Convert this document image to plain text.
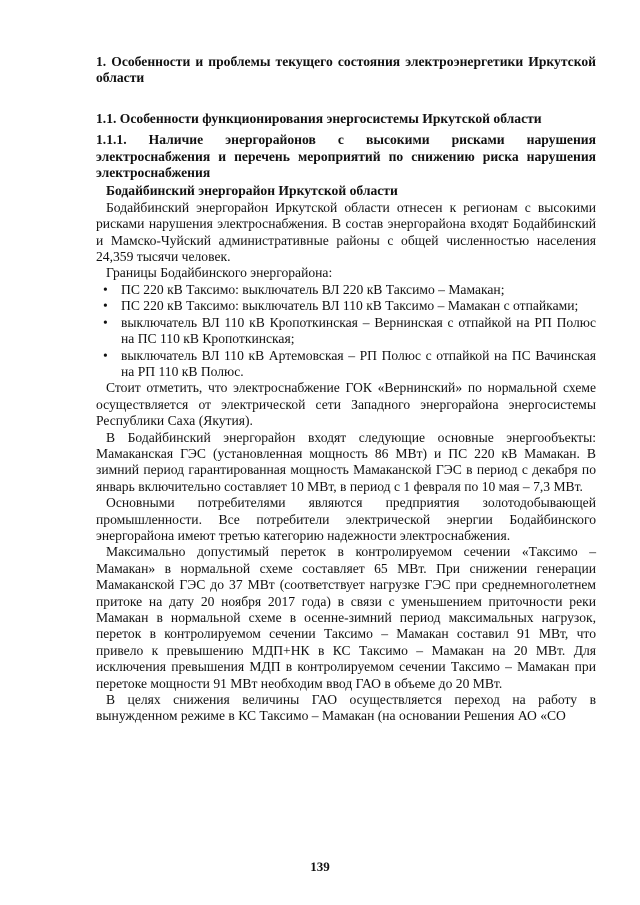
1. Особенности и проблемы текущего состояния электроэнергетики Иркутской области

1.1. Особенности функционирования энергосистемы Иркутской области

1.1.1. Наличие энергорайонов с высокими рисками нарушения электроснабжения и перечень мероприятий по снижению риска нарушения электроснабжения

Бодайбинский энергорайон Иркутской области

Бодайбинский энергорайон Иркутской области отнесен к регионам с высокими рисками нарушения электроснабжения. В состав энергорайона входят Бодайбинский и Мамско-Чуйский административные районы с общей численностью населения 24,359 тысячи человек.

Границы Бодайбинского энергорайона:

• ПС 220 кВ Таксимо: выключатель ВЛ 220 кВ Таксимо – Мамакан;
• ПС 220 кВ Таксимо: выключатель ВЛ 110 кВ Таксимо – Мамакан с отпайками;
• выключатель ВЛ 110 кВ Кропоткинская – Вернинская с отпайкой на РП Полюс на ПС 110 кВ Кропоткинская;
• выключатель ВЛ 110 кВ Артемовская – РП Полюс с отпайкой на ПС Вачинская на РП 110 кВ Полюс.

Стоит отметить, что электроснабжение ГОК «Вернинский» по нормальной схеме осуществляется от электрической сети Западного энергорайона энергосистемы Республики Саха (Якутия).

В Бодайбинский энергорайон входят следующие основные энергообъекты: Мамаканская ГЭС (установленная мощность 86 МВт) и ПС 220 кВ Мамакан. В зимний период гарантированная мощность Мамаканской ГЭС в период с декабря по январь включительно составляет 10 МВт, в период с 1 февраля по 10 мая – 7,3 МВт.

Основными потребителями являются предприятия золотодобывающей промышленности. Все потребители электрической энергии Бодайбинского энергорайона имеют третью категорию надежности электроснабжения.

Максимально допустимый переток в контролируемом сечении «Таксимо – Мамакан» в нормальной схеме составляет 65 МВт. При снижении генерации Мамаканской ГЭС до 37 МВт (соответствует нагрузке ГЭС при среднемноголетнем притоке на дату 20 ноября 2017 года) в связи с уменьшением приточности реки Мамакан в нормальной схеме в осенне-зимний период максимальных нагрузок, переток в контролируемом сечении Таксимо – Мамакан составил 91 МВт, что привело к превышению МДП+НК в КС Таксимо – Мамакан на 20 МВт. Для исключения превышения МДП в контролируемом сечении Таксимо – Мамакан при перетоке мощности 91 МВт необходим ввод ГАО в объеме до 20 МВт.

В целях снижения величины ГАО осуществляется переход на работу в вынужденном режиме в КС Таксимо – Мамакан (на основании Решения АО «СО

139
